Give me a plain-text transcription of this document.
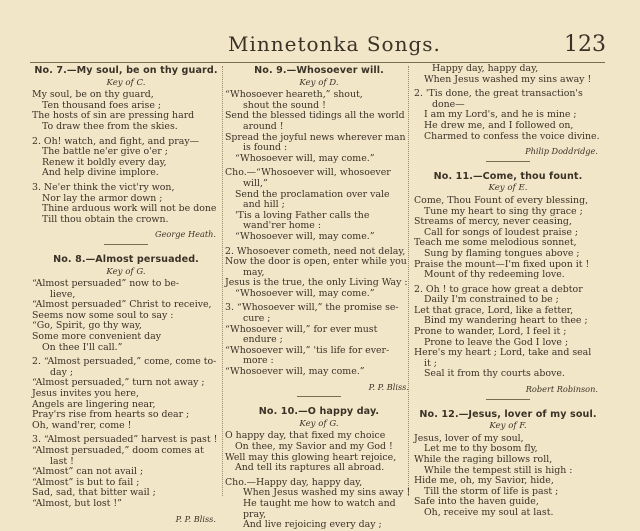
Minnetonka Songs.	123
No. 7.—My soul, be on thy guard.
Key of C.
My soul, be on thy guard,
Ten thousand foes arise ;
The hosts of sin are pressing hard
To draw thee from the skies.
2. Oh! watch, and fight, and pray—
The battle ne'er give o'er ;
Renew it boldly every day,
And help divine implore.
3. Ne'er think the vict'ry won,
Nor lay the armor down ;
Thine arduous work will not be done
Till thou obtain the crown.
George Heath.
No. 8.—Almost persuaded.
Key of G.
“Almost persuaded” now to be-
lieve,
“Almost persuaded” Christ to receive,
Seems now some soul to say :
“Go, Spirit, go thy way,
Some more convenient day
On thee I'll call.”
2. “Almost persuaded,” come, come to-
day ;
“Almost persuaded,” turn not away ;
Jesus invites you here,
Angels are lingering near,
Pray'rs rise from hearts so dear ;
Oh, wand'rer, come !
3. “Almost persuaded” harvest is past !
“Almost persuaded,” doom comes at
last !
“Almost” can not avail ;
“Almost” is but to fail ;
Sad, sad, that bitter wail ;
“Almost, but lost !”
P. P. Bliss.
No. 9.—Whosoever will.
Key of D.
“Whosoever heareth,” shout,
shout the sound !
Send the blessed tidings all the world
around !
Spread the joyful news wherever man
is found :
“Whosoever will, may come.”
Cho.—“Whosoever will, whosoever
will,”
Send the proclamation over vale
and hill ;
'Tis a loving Father calls the
wand'rer home :
“Whosoever will, may come.”
2. Whosoever cometh, need not delay,
Now the door is open, enter while you
may,
Jesus is the true, the only Living Way :
“Whosoever will, may come.”
3. “Whosoever will,” the promise se-
cure ;
“Whosoever will,” for ever must
endure ;
“Whosoever will,” 'tis life for ever-
more :
“Whosoever will, may come.”
P. P. Bliss.
No. 10.—O happy day.
Key of G.
O happy day, that fixed my choice
On thee, my Savior and my God !
Well may this glowing heart rejoice,
And tell its raptures all abroad.
Cho.—Happy day, happy day,
When Jesus washed my sins away !
He taught me how to watch and
pray,
And live rejoicing every day ;
Happy day, happy day,
When Jesus washed my sins away !
2. 'Tis done, the great transaction's
done—
I am my Lord's, and he is mine ;
He drew me, and I followed on,
Charmed to confess the voice divine.
Philip Doddridge.
No. 11.—Come, thou fount.
Key of E.
Come, Thou Fount of every blessing,
Tune my heart to sing thy grace ;
Streams of mercy, never ceasing,
Call for songs of loudest praise ;
Teach me some melodious sonnet,
Sung by flaming tongues above ;
Praise the mount—I'm fixed upon it !
Mount of thy redeeming love.
2. Oh ! to grace how great a debtor
Daily I'm constrained to be ;
Let that grace, Lord, like a fetter,
Bind my wandering heart to thee ;
Prone to wander, Lord, I feel it ;
Prone to leave the God I love ;
Here's my heart ; Lord, take and seal
it ;
Seal it from thy courts above.
Robert Robinson.
No. 12.—Jesus, lover of my soul.
Key of F.
Jesus, lover of my soul,
Let me to thy bosom fly,
While the raging billows roll,
While the tempest still is high :
Hide me, oh, my Savior, hide,
Till the storm of life is past ;
Safe into the haven guide,
Oh, receive my soul at last.
